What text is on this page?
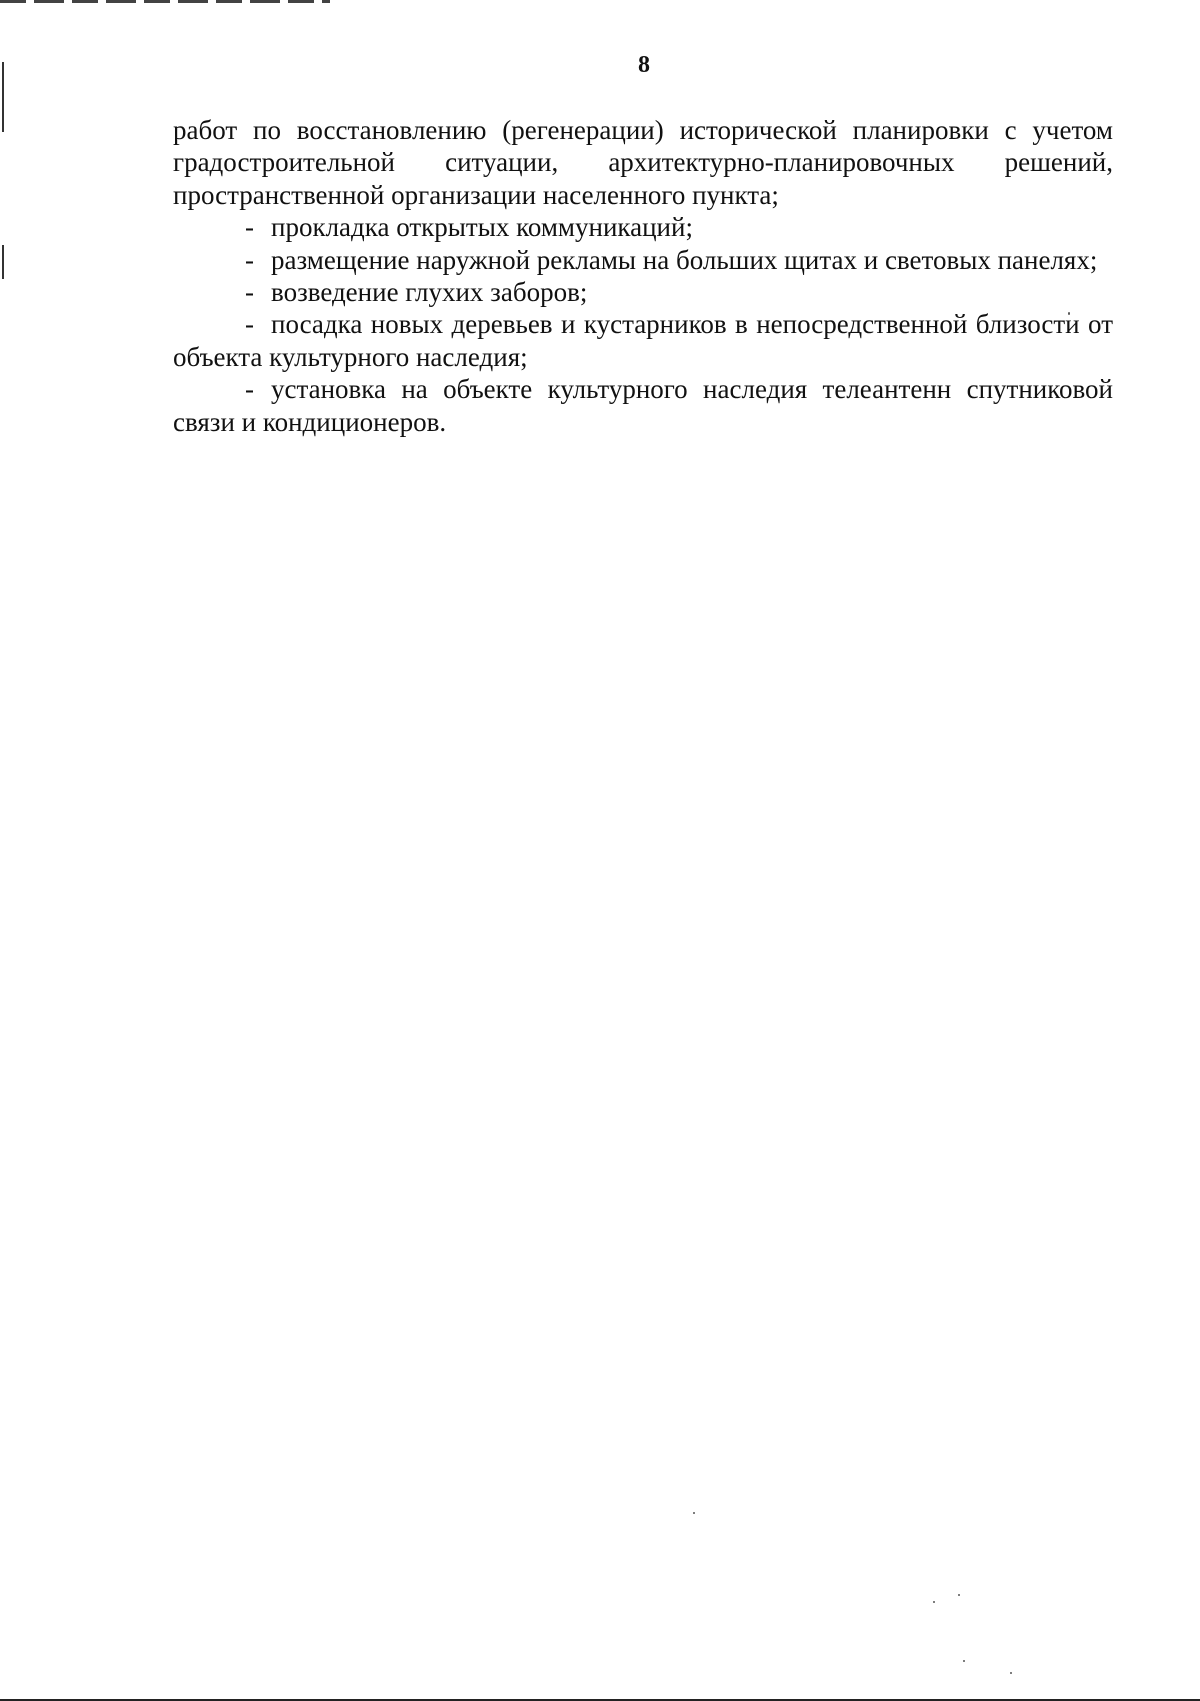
8

работ по восстановлению (регенерации) исторической планировки с учетом градостроительной ситуации, архитектурно-планировочных решений, пространственной организации населенного пункта;

- прокладка открытых коммуникаций;

- размещение наружной рекламы на больших щитах и световых панелях;

- возведение глухих заборов;

- посадка новых деревьев и кустарников в непосредственной близости от объекта культурного наследия;

- установка на объекте культурного наследия телеантенн спутниковой связи и кондиционеров.
